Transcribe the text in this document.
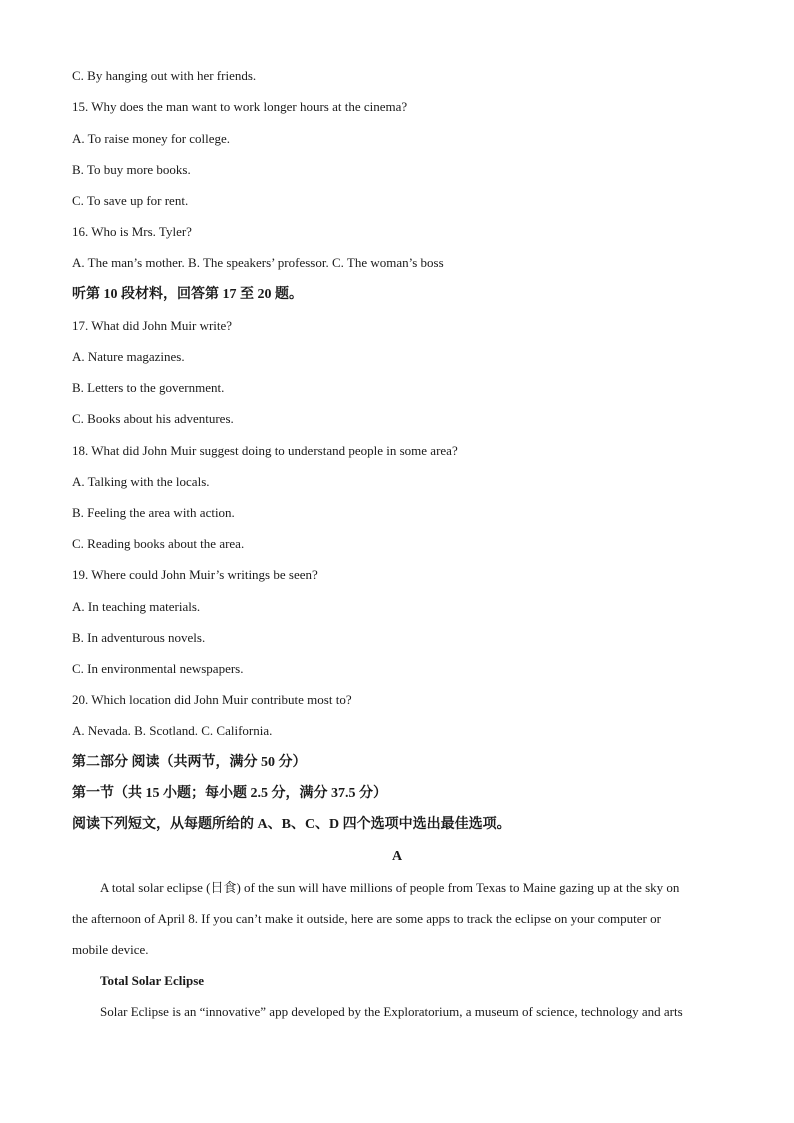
C. By hanging out with her friends.
15. Why does the man want to work longer hours at the cinema?
A. To raise money for college.
B. To buy more books.
C. To save up for rent.
16. Who is Mrs. Tyler?
A. The man’s mother. B. The speakers’ professor. C. The woman’s boss
听第 10 段材料，回答第 17 至 20 题。
17. What did John Muir write?
A. Nature magazines.
B. Letters to the government.
C. Books about his adventures.
18. What did John Muir suggest doing to understand people in some area?
A. Talking with the locals.
B. Feeling the area with action.
C. Reading books about the area.
19. Where could John Muir’s writings be seen?
A. In teaching materials.
B. In adventurous novels.
C. In environmental newspapers.
20. Which location did John Muir contribute most to?
A. Nevada. B. Scotland. C. California.
第二部分 阅读（共两节，满分 50 分）
第一节（共 15 小题；每小题 2.5 分，满分 37.5 分）
阅读下列短文，从每题所给的 A、B、C、D 四个选项中选出最佳选项。
A
A total solar eclipse (日食) of the sun will have millions of people from Texas to Maine gazing up at the sky on
the afternoon of April 8. If you can’t make it outside, here are some apps to track the eclipse on your computer or
mobile device.
Total Solar Eclipse
Solar Eclipse is an “innovative” app developed by the Exploratorium, a museum of science, technology and arts
